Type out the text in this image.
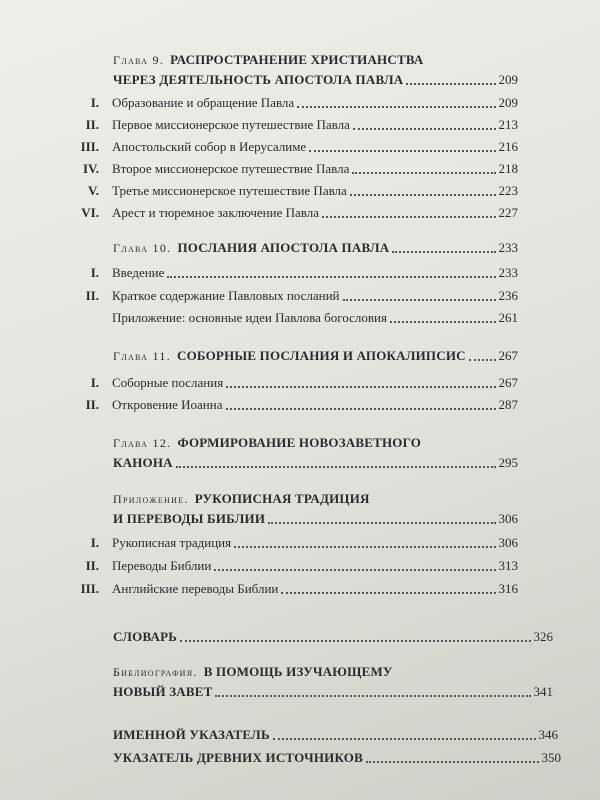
Глава 9. РАСПРОСТРАНЕНИЕ ХРИСТИАНСТВА
ЧЕРЕЗ ДЕЯТЕЛЬНОСТЬ АПОСТОЛА ПАВЛА	209
I. Образование и обращение Павла	209
II. Первое миссионерское путешествие Павла	213
III. Апостольский собор в Иерусалиме	216
IV. Второе миссионерское путешествие Павла	218
V. Третье миссионерское путешествие Павла	223
VI. Арест и тюремное заключение Павла	227
Глава 10. ПОСЛАНИЯ АПОСТОЛА ПАВЛА	233
I. Введение	233
II. Краткое содержание Павловых посланий	236
Приложение: основные идеи Павлова богословия	261
Глава 11. СОБОРНЫЕ ПОСЛАНИЯ И АПОКАЛИПСИС	267
I. Соборные послания	267
II. Откровение Иоанна	287
Глава 12. ФОРМИРОВАНИЕ НОВОЗАВЕТНОГО
КАНОНА	295
Приложение. РУКОПИСНАЯ ТРАДИЦИЯ
И ПЕРЕВОДЫ БИБЛИИ	306
I. Рукописная традиция	306
II. Переводы Библии	313
III. Английские переводы Библии	316
СЛОВАРЬ	326
Библиография. В ПОМОЩЬ ИЗУЧАЮЩЕМУ
НОВЫЙ ЗАВЕТ	341
ИМЕННОЙ УКАЗАТЕЛЬ	346
УКАЗАТЕЛЬ ДРЕВНИХ ИСТОЧНИКОВ	350
